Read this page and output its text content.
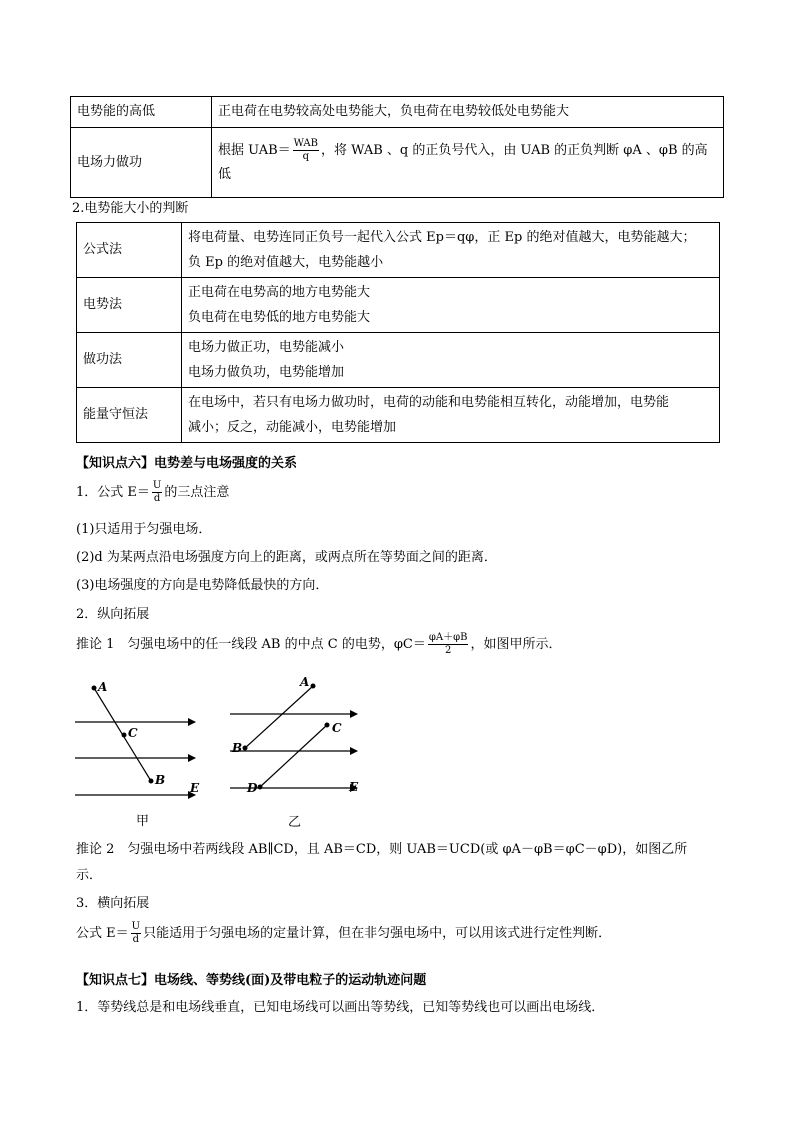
电势能的高低	正电荷在电势较高处电势能大，负电荷在电势较低处电势能大
电场力做功	根据 $UAB= \frac{\text{WAB}}{q}$ ，将 WAB 、q 的正负号代入，由 UAB 的正负判断 φA 、φB 的高
低
2.电势能大小的判断
公式法	将电荷量、电势连同正负号一起代入公式 Ep＝qφ，正 Ep 的绝对值越大，电势能越大；
负 Ep 的绝对值越大，电势能越小

电势法	正电荷在电势高的地方电势能大
负电荷在电势低的地方电势能大

做功法	电场力做正功，电势能减小
电场力做负功，电势能增加

能量守恒法	在电场中，若只有电场力做功时，电荷的动能和电势能相互转化，动能增加，电势能
减小；反之，动能减小，电势能增加
【知识点六】电势差与电场强度的关系
1．公式 $E= \frac{U}{d}$ 的三点注意
(1)只适用于匀强电场．
(2)d 为某两点沿电场强度方向上的距离，或两点所在等势面之间的距离．
(3)电场强度的方向是电势降低最快的方向．
2．纵向拓展
推论 1　匀强电场中的任一线段 AB 的中点 C 的电势，$\varphi C= \frac{\varphi A+\varphi B}{2}$ ，如图甲所示．
A
C
B
E
甲
A
B
C
D	E
乙
推论 2　匀强电场中若两线段 AB∥CD，且 AB＝CD，则 UAB＝UCD(或 φA－φB＝φC－φD)，如图乙所
示．
3．横向拓展
公式 $E= \frac{U}{d}$ 只能适用于匀强电场的定量计算，但在非匀强电场中，可以用该式进行定性判断．
【知识点七】电场线、等势线(面)及带电粒子的运动轨迹问题
1．等势线总是和电场线垂直，已知电场线可以画出等势线，已知等势线也可以画出电场线．
